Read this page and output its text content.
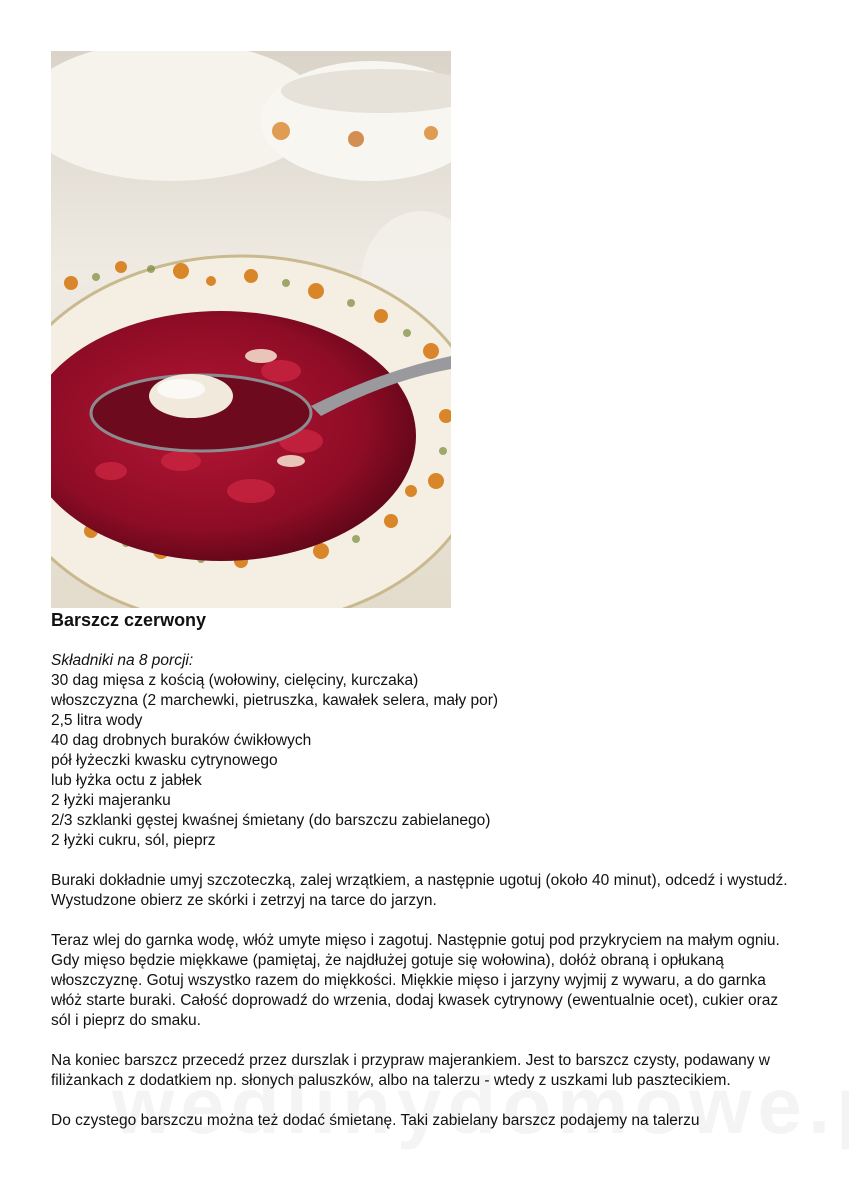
Barszcz czerwony

Składniki na 8 porcji:
30 dag mięsa z kością (wołowiny, cielęciny, kurczaka)
włoszczyzna (2 marchewki, pietruszka, kawałek selera, mały por)
2,5 litra wody
40 dag drobnych buraków ćwikłowych
pół łyżeczki kwasku cytrynowego
lub łyżka octu z jabłek
2 łyżki majeranku
2/3 szklanki gęstej kwaśnej śmietany (do barszczu zabielanego)
2 łyżki cukru, sól, pieprz

Buraki dokładnie umyj szczoteczką, zalej wrzątkiem, a następnie ugotuj (około 40 minut), odcedź i wystudź. Wystudzone obierz ze skórki i zetrzyj na tarce do jarzyn.

Teraz wlej do garnka wodę, włóż umyte mięso i zagotuj. Następnie gotuj pod przykryciem na małym ogniu. Gdy mięso będzie miękkawe (pamiętaj, że najdłużej gotuje się wołowina), dołóż obraną i opłukaną włoszczyznę. Gotuj wszystko razem do miękkości. Miękkie mięso i jarzyny wyjmij z wywaru, a do garnka włóż starte buraki. Całość doprowadź do wrzenia, dodaj kwasek cytrynowy (ewentualnie ocet), cukier oraz sól i pieprz do smaku.

Na koniec barszcz przecedź przez durszlak i przypraw majerankiem. Jest to barszcz czysty, podawany w filiżankach z dodatkiem np. słonych paluszków, albo na talerzu - wtedy z uszkami lub pasztecikiem.

Do czystego barszczu można też dodać śmietanę. Taki zabielany barszcz podajemy na talerzu
